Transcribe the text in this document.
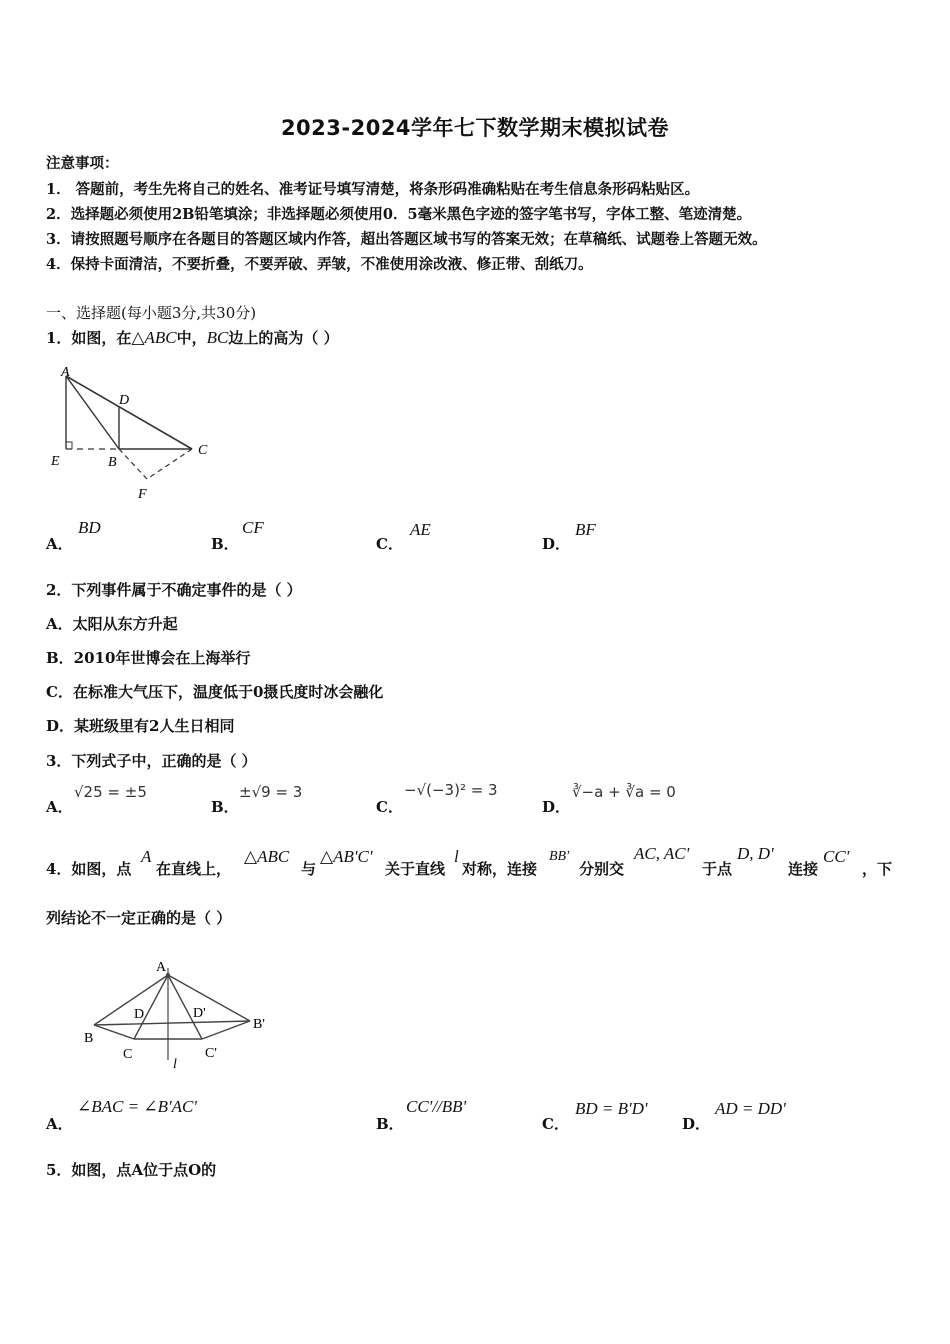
2023-2024学年七下数学期末模拟试卷
注意事项：
1． 答题前，考生先将自己的姓名、准考证号填写清楚，将条形码准确粘贴在考生信息条形码粘贴区。
2．选择题必须使用2B铅笔填涂；非选择题必须使用0．5毫米黑色字迹的签字笔书写，字体工整、笔迹清楚。
3．请按照题号顺序在各题目的答题区域内作答，超出答题区域书写的答案无效；在草稿纸、试题卷上答题无效。
4．保持卡面清洁，不要折叠，不要弄破、弄皱，不准使用涂改液、修正带、刮纸刀。
一、选择题(每小题3分,共30分)
1．如图，在△ABC中，BC边上的高为（ ）
A
D
E	B
C
F
A．
BD
B．
CF
C．
AE
D．
BF
2．下列事件属于不确定事件的是（ ）
A．太阳从东方升起
B．2010年世博会在上海举行
C．在标准大气压下，温度低于0摄氏度时冰会融化
D．某班级里有2人生日相同
3．下列式子中，正确的是（ ）
A．
√25 = ±5
B．
±√9 = 3
C．
−√(−3)² = 3
D．
∛−a + ∛a = 0
4．如图，点
A
在直线上，
△ABC
与
△AB'C'
关于直线
l
对称，连接
BB'
分别交
AC, AC'
于点
D, D'
连接
CC'
，下
列结论不一定正确的是（ ）
A
D	D'
B
B'
C	C'
l
A．
∠BAC = ∠B'AC'
B．
CC'//BB'
C．
BD = B'D'
D．
AD = DD'
5．如图，点A位于点O的
